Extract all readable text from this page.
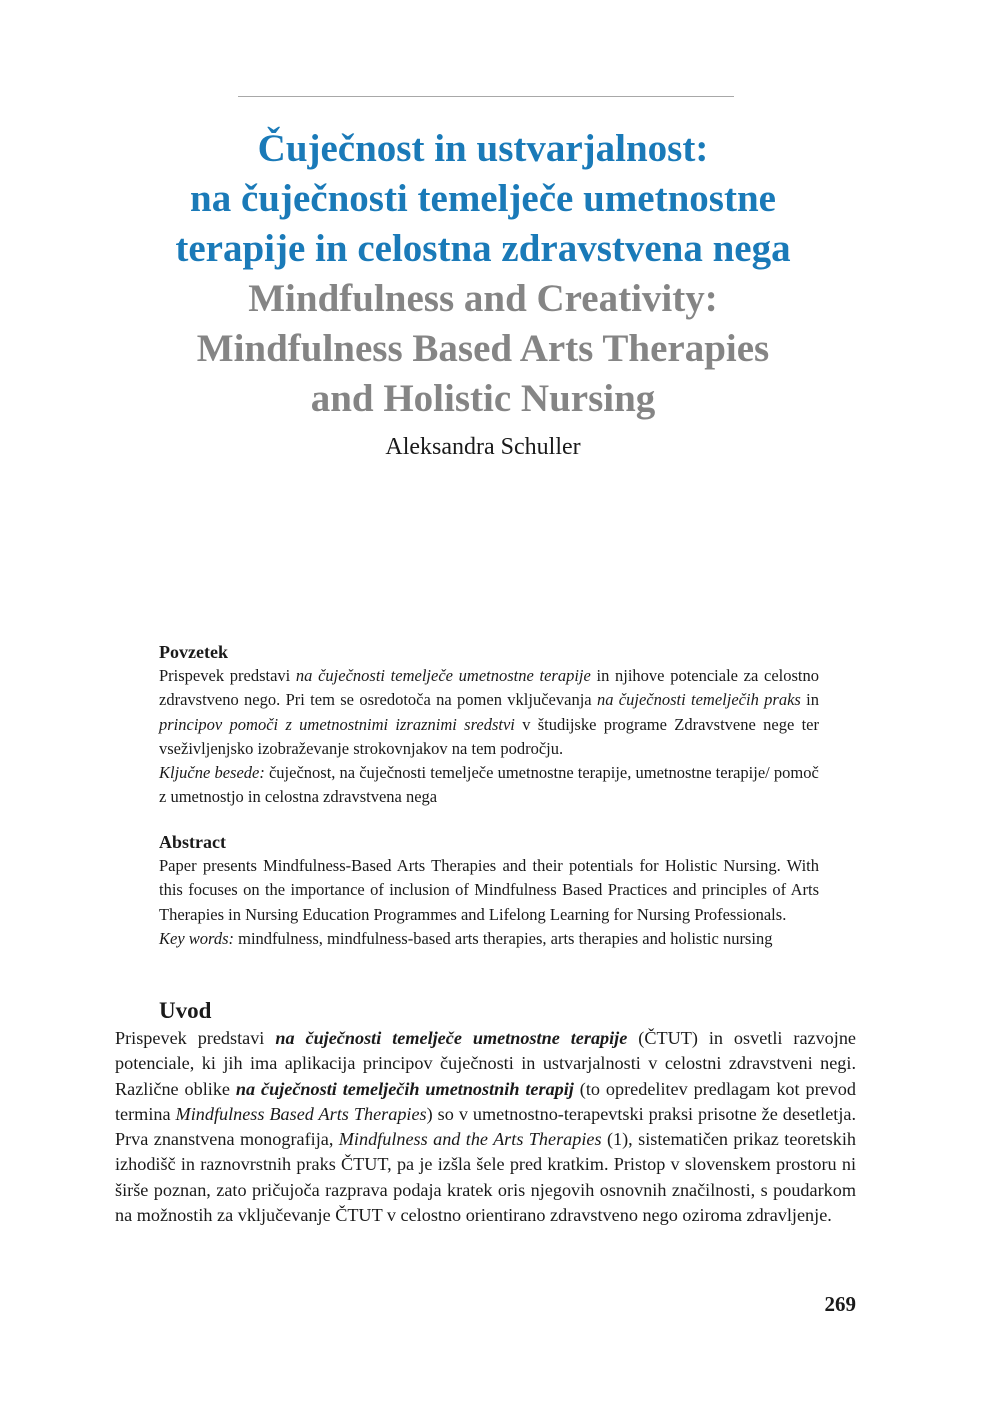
Čuječnost in ustvarjalnost:
na čuječnosti temelječe umetnostne
terapije in celostna zdravstvena nega
Mindfulness and Creativity:
Mindfulness Based Arts Therapies
and Holistic Nursing
Aleksandra Schuller
Povzetek

Prispevek predstavi na čuječnosti temelječe umetnostne terapije in njihove potenciale za celostno zdravstveno nego. Pri tem se osredotoča na pomen vključevanja na čuječnosti temelječih praks in principov pomoči z umetnostnimi izraznimi sredstvi v študijske programe Zdravstvene nege ter vseživljenjsko izobraževanje strokovnjakov na tem področju.

Ključne besede: čuječnost, na čuječnosti temelječe umetnostne terapije, umetnostne terapije/ pomoč z umetnostjo in celostna zdravstvena nega

Abstract

Paper presents Mindfulness-Based Arts Therapies and their potentials for Holistic Nursing. With this focuses on the importance of inclusion of Mindfulness Based Practices and principles of Arts Therapies in Nursing Education Programmes and Lifelong Learning for Nursing Professionals.

Key words: mindfulness, mindfulness-based arts therapies, arts therapies and holistic nursing

Uvod

Prispevek predstavi na čuječnosti temelječe umetnostne terapije (ČTUT) in osvetli razvojne potenciale, ki jih ima aplikacija principov čuječnosti in ustvarjalnosti v celostni zdravstveni negi. Različne oblike na čuječnosti temelječih umetnostnih terapij (to opredelitev predlagam kot prevod termina Mindfulness Based Arts Therapies) so v umetnostno-terapevtski praksi prisotne že desetletja. Prva znanstvena monografija, Mindfulness and the Arts Therapies (1), sistematičen prikaz teoretskih izhodišč in raznovrstnih praks ČTUT, pa je izšla šele pred kratkim. Pristop v slovenskem prostoru ni širše poznan, zato pričujoča razprava podaja kratek oris njegovih osnovnih značilnosti, s poudarkom na možnostih za vključevanje ČTUT v celostno orientirano zdravstveno nego oziroma zdravljenje.

269
